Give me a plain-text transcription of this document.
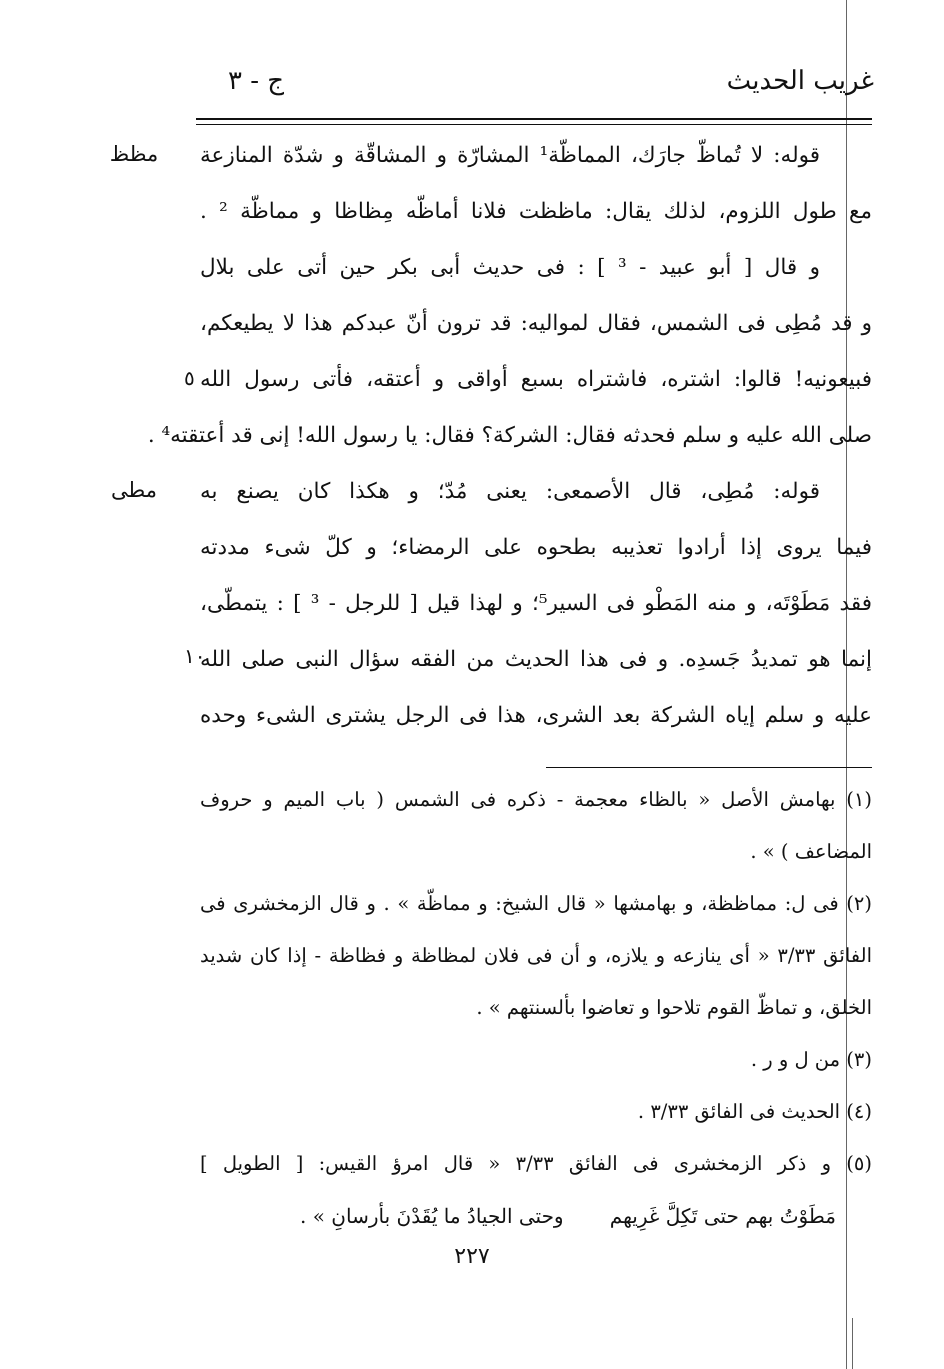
غريب الحديث
ج - ٣
مظظ
مطى
٥
١٠
قوله: لا تُماظّ جارَك، المماظّة¹ المشارّة و المشاقّة و شدّة المنازعة
مع طول اللزوم، لذلك يقال: ماظظت فلانا أماظّه مِظاظا و مماظّة ² .
و قال [ أبو عبيد - ³ ] : فى حديث أبى بكر حين أتى على بلال
و قد مُطِى فى الشمس، فقال لمواليه: قد ترون أنّ عبدكم هذا لا يطيعكم،
فبيعونيه! قالوا: اشتره، فاشتراه بسبع أواقى و أعتقه، فأتى رسول الله
صلى الله عليه و سلم فحدثه فقال: الشركة؟ فقال: يا رسول الله! إنى قد أعتقته⁴ .
قوله: مُطِى، قال الأصمعى: يعنى مُدّ؛ و هكذا كان يصنع به
فيما يروى إذا أرادوا تعذيبه بطحوه على الرمضاء؛ و كلّ شىء مددته
فقد مَطَوْتَه، و منه المَطْو فى السير⁵؛ و لهذا قيل [ للرجل - ³ ] : يتمطّى،
إنما هو تمديدُ جَسدِه. و فى هذا الحديث من الفقه سؤال النبى صلى الله
عليه و سلم إياه الشركة بعد الشرى، هذا فى الرجل يشترى الشىء وحده
(١) بهامش الأصل « بالظاء معجمة - ذكره فى الشمس ( باب الميم و حروف
المضاعف ) » .
(٢) فى ل: مماظظة، و بهامشها « قال الشيخ: و مماظّة » . و قال الزمخشرى فى
الفائق ٣/٣٣ « أى ينازعه و يلازه، و أن فى فلان لمظاظة و فظاظة - إذا كان شديد
الخلق، و تماظّ القوم تلاحوا و تعاضوا بألسنتهم » .
(٣) من ل و ر .
(٤) الحديث فى الفائق ٣/٣٣ .
(٥) و ذكر الزمخشرى فى الفائق ٣/٣٣ « قال امرؤ القيس: [ الطويل ]
مَطَوْتُ بهم حتى تَكِلَّ غَرِيهم
وحتى الجيادُ ما يُقَدْنَ بأرسانِ » .
٢٢٧
